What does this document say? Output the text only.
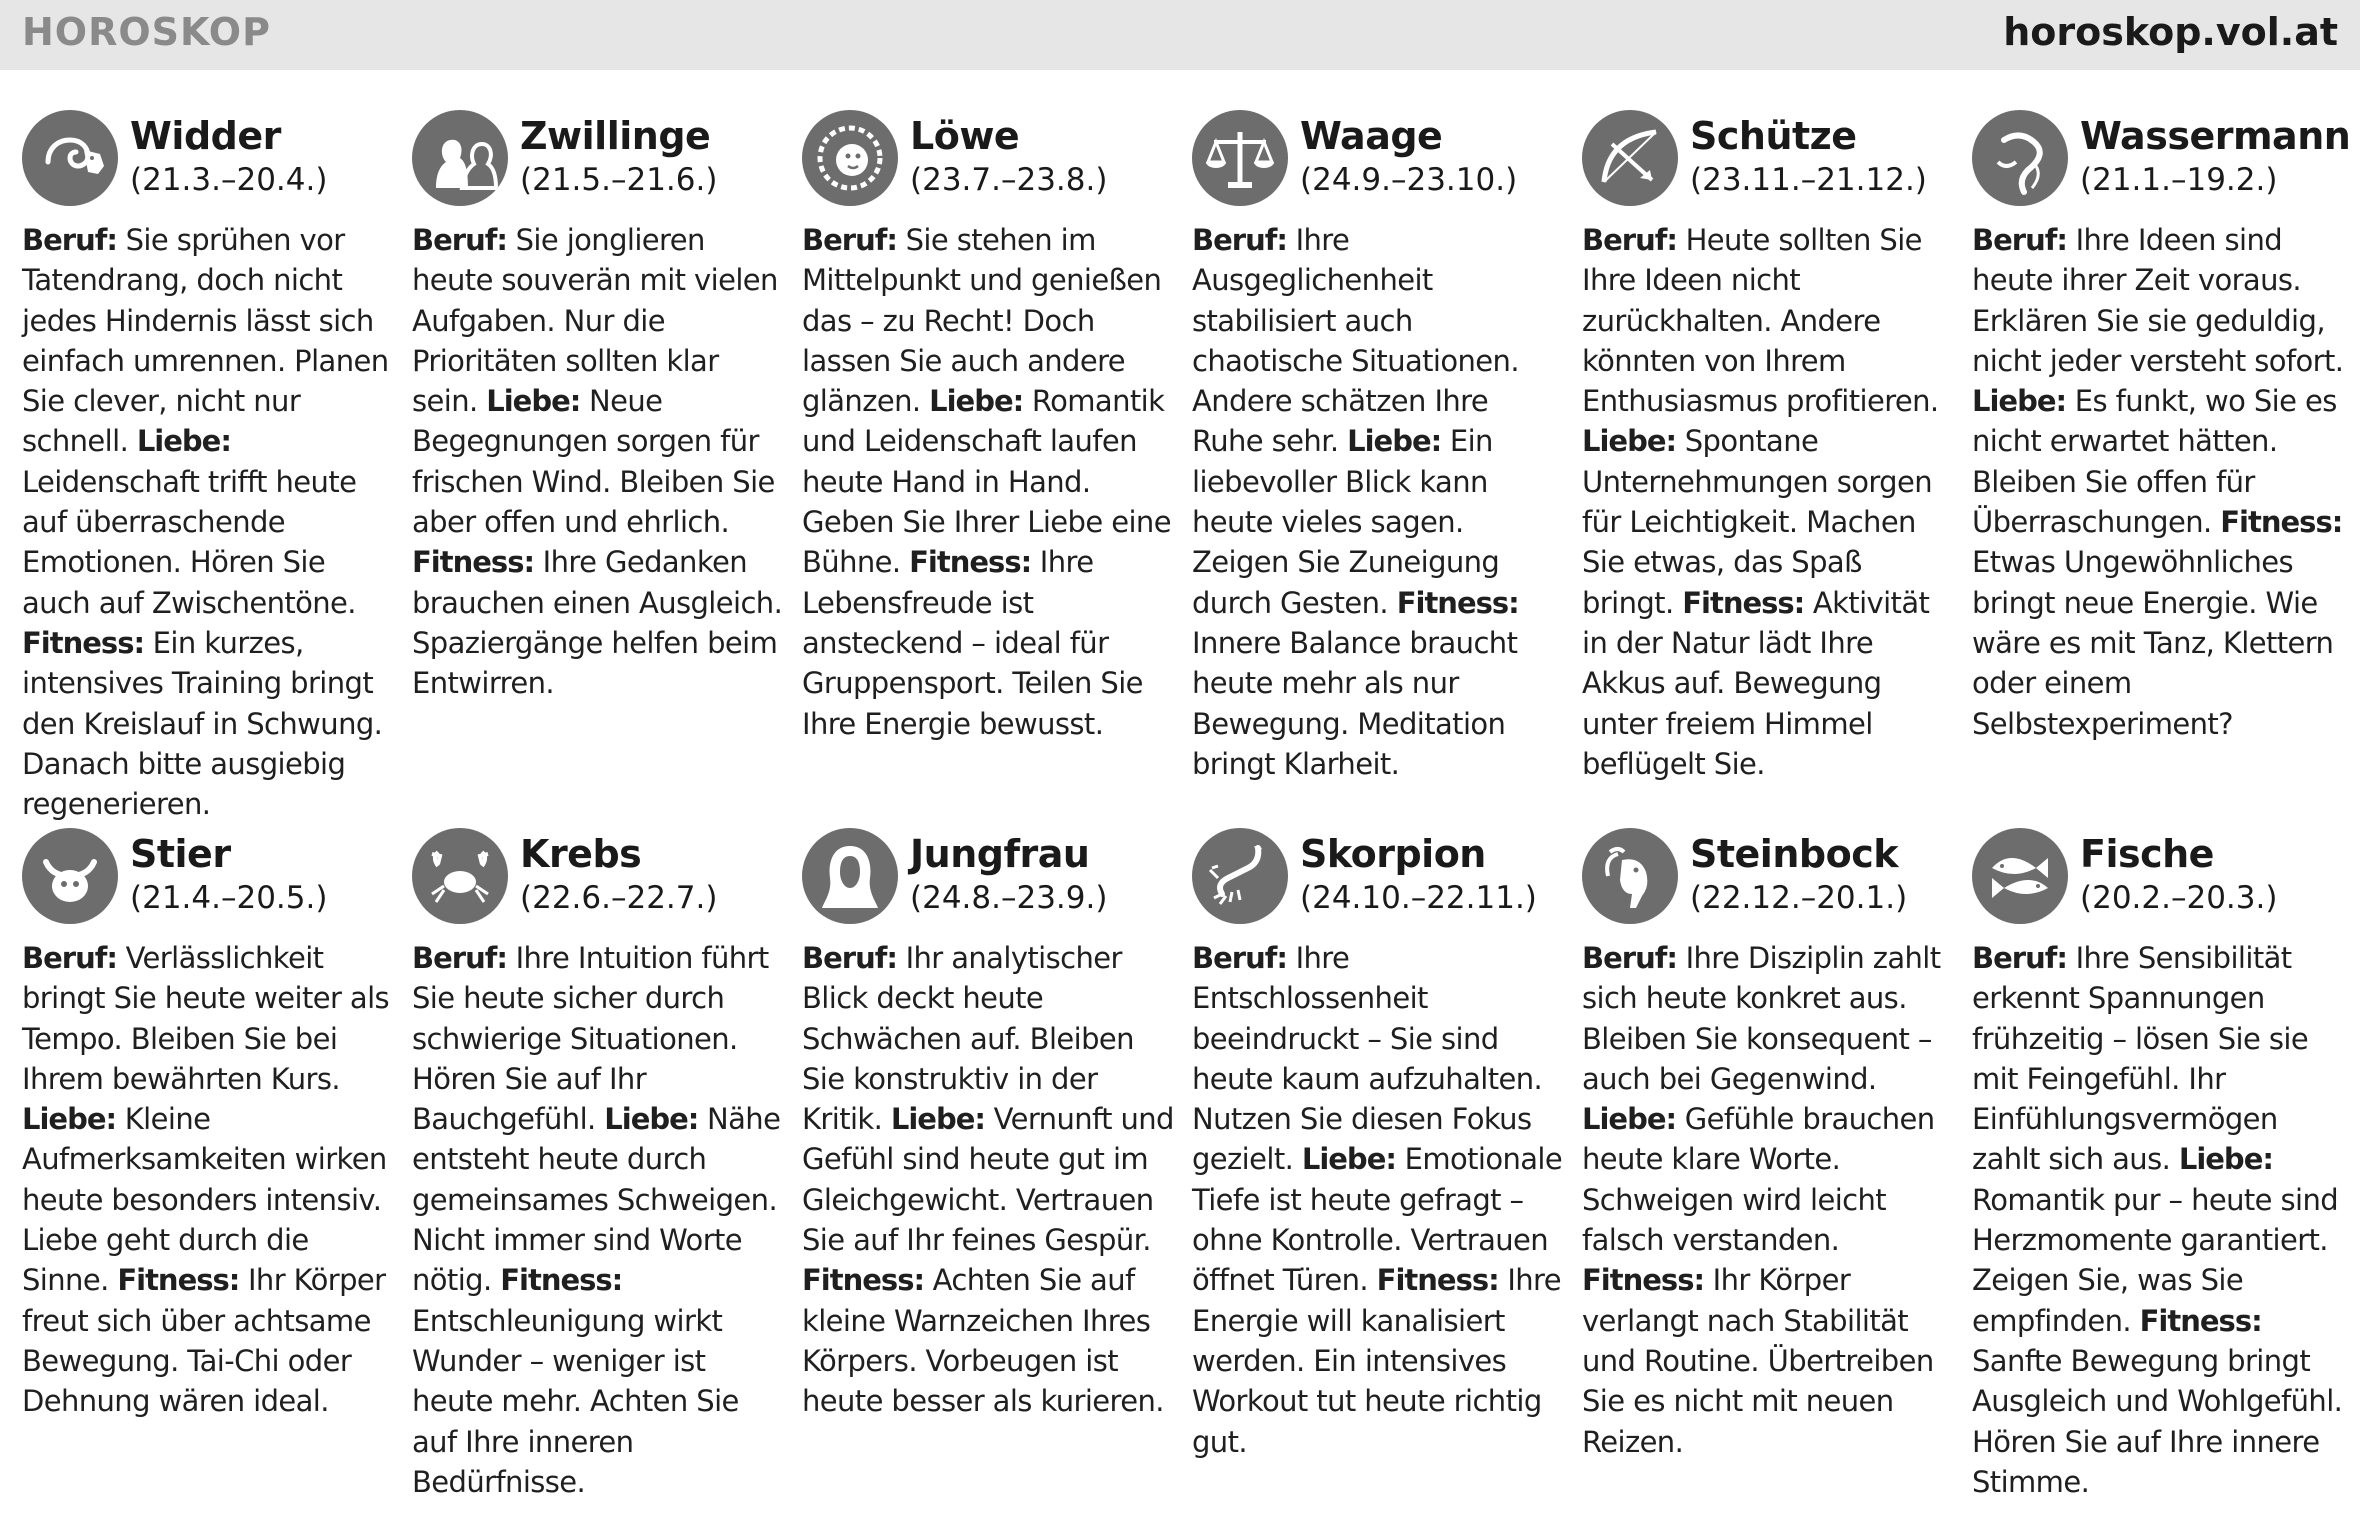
HOROSKOP	horoskop.vol.at
Widder
(21.3.–20.4.)
Beruf: Sie sprühen vor Tatendrang, doch nicht jedes Hindernis lässt sich einfach umrennen. Planen Sie clever, nicht nur schnell. Liebe: Leidenschaft trifft heute auf überraschende Emotionen. Hören Sie auch auf Zwischentöne. Fitness: Ein kurzes, intensives Training bringt den Kreislauf in Schwung. Danach bitte ausgiebig regenerieren.
Zwillinge
(21.5.–21.6.)
Beruf: Sie jonglieren heute souverän mit vielen Aufgaben. Nur die Prioritäten sollten klar sein. Liebe: Neue Begegnungen sorgen für frischen Wind. Bleiben Sie aber offen und ehrlich. Fitness: Ihre Gedanken brauchen einen Ausgleich. Spaziergänge helfen beim Entwirren.
Löwe
(23.7.–23.8.)
Beruf: Sie stehen im Mittelpunkt und genießen das – zu Recht! Doch lassen Sie auch andere glänzen. Liebe: Romantik und Leidenschaft laufen heute Hand in Hand. Geben Sie Ihrer Liebe eine Bühne. Fitness: Ihre Lebensfreude ist ansteckend – ideal für Gruppensport. Teilen Sie Ihre Energie bewusst.
Waage
(24.9.–23.10.)
Beruf: Ihre Ausgeglichenheit stabilisiert auch chaotische Situationen. Andere schätzen Ihre Ruhe sehr. Liebe: Ein liebevoller Blick kann heute vieles sagen. Zeigen Sie Zuneigung durch Gesten. Fitness: Innere Balance braucht heute mehr als nur Bewegung. Meditation bringt Klarheit.
Schütze
(23.11.–21.12.)
Beruf: Heute sollten Sie Ihre Ideen nicht zurückhalten. Andere könnten von Ihrem Enthusiasmus profitieren. Liebe: Spontane Unternehmungen sorgen für Leichtigkeit. Machen Sie etwas, das Spaß bringt. Fitness: Aktivität in der Natur lädt Ihre Akkus auf. Bewegung unter freiem Himmel beflügelt Sie.
Wassermann
(21.1.–19.2.)
Beruf: Ihre Ideen sind heute ihrer Zeit voraus. Erklären Sie sie geduldig, nicht jeder versteht sofort. Liebe: Es funkt, wo Sie es nicht erwartet hätten. Bleiben Sie offen für Überraschungen. Fitness: Etwas Ungewöhnliches bringt neue Energie. Wie wäre es mit Tanz, Klettern oder einem Selbstexperiment?
Stier
(21.4.–20.5.)
Beruf: Verlässlichkeit bringt Sie heute weiter als Tempo. Bleiben Sie bei Ihrem bewährten Kurs. Liebe: Kleine Aufmerksamkeiten wirken heute besonders intensiv. Liebe geht durch die Sinne. Fitness: Ihr Körper freut sich über achtsame Bewegung. Tai-Chi oder Dehnung wären ideal.
Krebs
(22.6.–22.7.)
Beruf: Ihre Intuition führt Sie heute sicher durch schwierige Situationen. Hören Sie auf Ihr Bauchgefühl. Liebe: Nähe entsteht heute durch gemeinsames Schweigen. Nicht immer sind Worte nötig. Fitness: Entschleunigung wirkt Wunder – weniger ist heute mehr. Achten Sie auf Ihre inneren Bedürfnisse.
Jungfrau
(24.8.–23.9.)
Beruf: Ihr analytischer Blick deckt heute Schwächen auf. Bleiben Sie konstruktiv in der Kritik. Liebe: Vernunft und Gefühl sind heute gut im Gleichgewicht. Vertrauen Sie auf Ihr feines Gespür. Fitness: Achten Sie auf kleine Warnzeichen Ihres Körpers. Vorbeugen ist heute besser als kurieren.
Skorpion
(24.10.–22.11.)
Beruf: Ihre Entschlossenheit beeindruckt – Sie sind heute kaum aufzuhalten. Nutzen Sie diesen Fokus gezielt. Liebe: Emotionale Tiefe ist heute gefragt – ohne Kontrolle. Vertrauen öffnet Türen. Fitness: Ihre Energie will kanalisiert werden. Ein intensives Workout tut heute richtig gut.
Steinbock
(22.12.–20.1.)
Beruf: Ihre Disziplin zahlt sich heute konkret aus. Bleiben Sie konsequent – auch bei Gegenwind. Liebe: Gefühle brauchen heute klare Worte. Schweigen wird leicht falsch verstanden. Fitness: Ihr Körper verlangt nach Stabilität und Routine. Übertreiben Sie es nicht mit neuen Reizen.
Fische
(20.2.–20.3.)
Beruf: Ihre Sensibilität erkennt Spannungen frühzeitig – lösen Sie sie mit Feingefühl. Ihr Einfühlungsvermögen zahlt sich aus. Liebe: Romantik pur – heute sind Herzmomente garantiert. Zeigen Sie, was Sie empfinden. Fitness: Sanfte Bewegung bringt Ausgleich und Wohlgefühl. Hören Sie auf Ihre innere Stimme.
